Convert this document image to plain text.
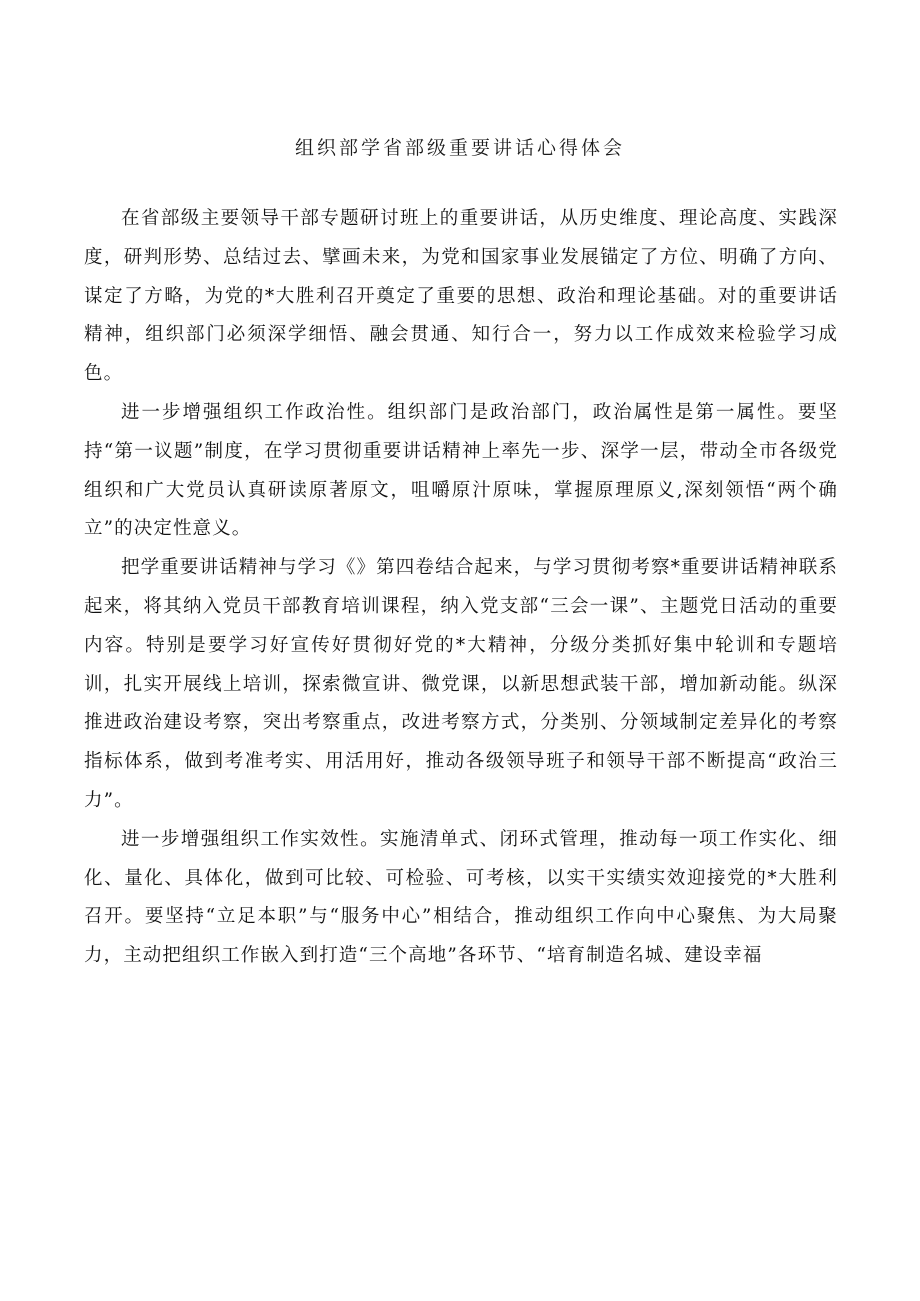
组织部学省部级重要讲话心得体会

在省部级主要领导干部专题研讨班上的重要讲话，从历史维度、理论高度、实践深度，研判形势、总结过去、擘画未来，为党和国家事业发展锚定了方位、明确了方向、谋定了方略，为党的*大胜利召开奠定了重要的思想、政治和理论基础。对的重要讲话精神，组织部门必须深学细悟、融会贯通、知行合一，努力以工作成效来检验学习成色。

进一步增强组织工作政治性。组织部门是政治部门，政治属性是第一属性。要坚持“第一议题”制度，在学习贯彻重要讲话精神上率先一步、深学一层，带动全市各级党组织和广大党员认真研读原著原文，咀嚼原汁原味，掌握原理原义,深刻领悟“两个确立”的决定性意义。

把学重要讲话精神与学习《》第四卷结合起来，与学习贯彻考察*重要讲话精神联系起来，将其纳入党员干部教育培训课程，纳入党支部“三会一课”、主题党日活动的重要内容。特别是要学习好宣传好贯彻好党的*大精神，分级分类抓好集中轮训和专题培训，扎实开展线上培训，探索微宣讲、微党课，以新思想武装干部，增加新动能。纵深推进政治建设考察，突出考察重点，改进考察方式，分类别、分领域制定差异化的考察指标体系，做到考准考实、用活用好，推动各级领导班子和领导干部不断提高“政治三力”。

进一步增强组织工作实效性。实施清单式、闭环式管理，推动每一项工作实化、细化、量化、具体化，做到可比较、可检验、可考核，以实干实绩实效迎接党的*大胜利召开。要坚持“立足本职”与“服务中心”相结合，推动组织工作向中心聚焦、为大局聚力，主动把组织工作嵌入到打造“三个高地”各环节、“培育制造名城、建设幸福
